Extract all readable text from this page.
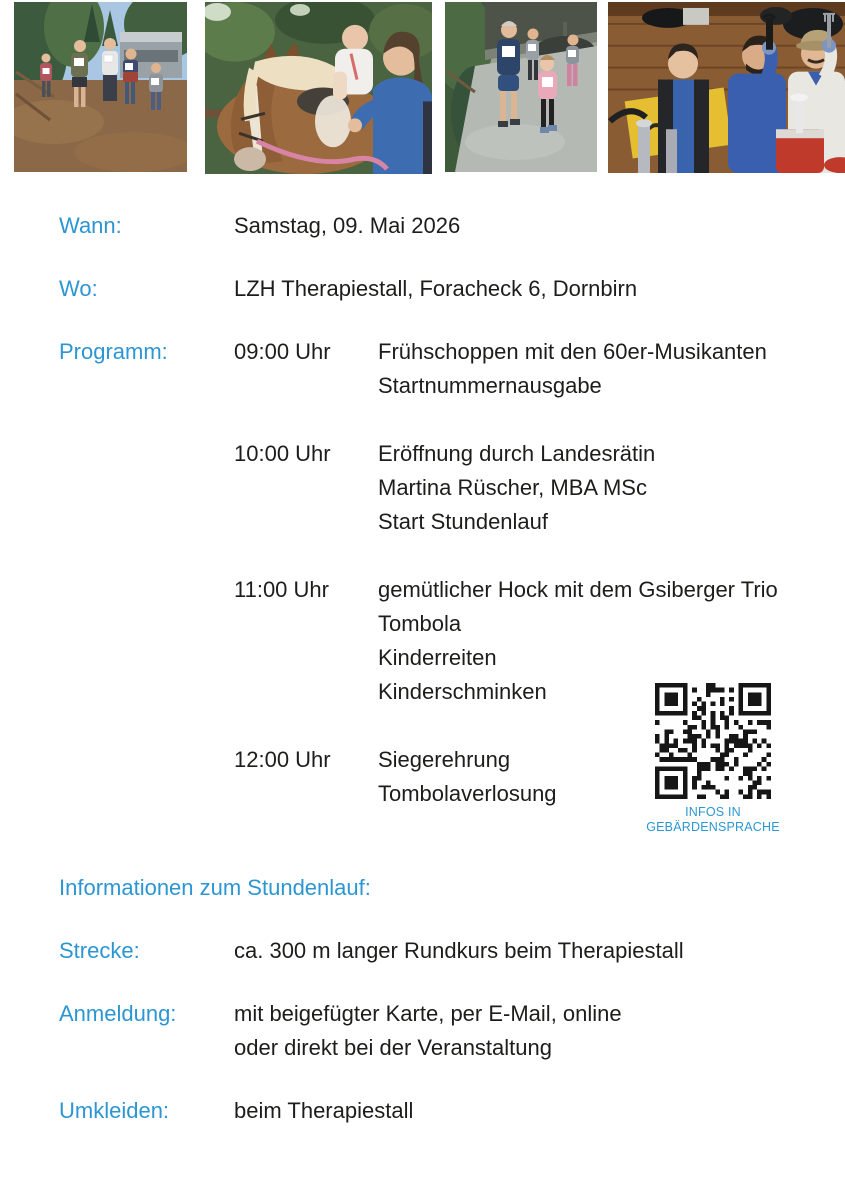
Wann:	Samstag, 09. Mai 2026
Wo:	LZH Therapiestall, Foracheck 6, Dornbirn
Programm:	09:00 Uhr	Frühschoppen mit den 60er-Musikanten
Startnummernausgabe
10:00 Uhr	Eröffnung durch Landesrätin
Martina Rüscher, MBA MSc
Start Stundenlauf
11:00 Uhr	gemütlicher Hock mit dem Gsiberger Trio
Tombola
Kinderreiten
Kinderschminken
12:00 Uhr	Siegerehrung
Tombolaverlosung
Informationen zum Stundenlauf:
Strecke:	ca. 300 m langer Rundkurs beim Therapiestall
Anmeldung:	mit beigefügter Karte, per E-Mail, online
oder direkt bei der Veranstaltung
Umkleiden:	beim Therapiestall
INFOS IN
GEBÄRDENSPRACHE
